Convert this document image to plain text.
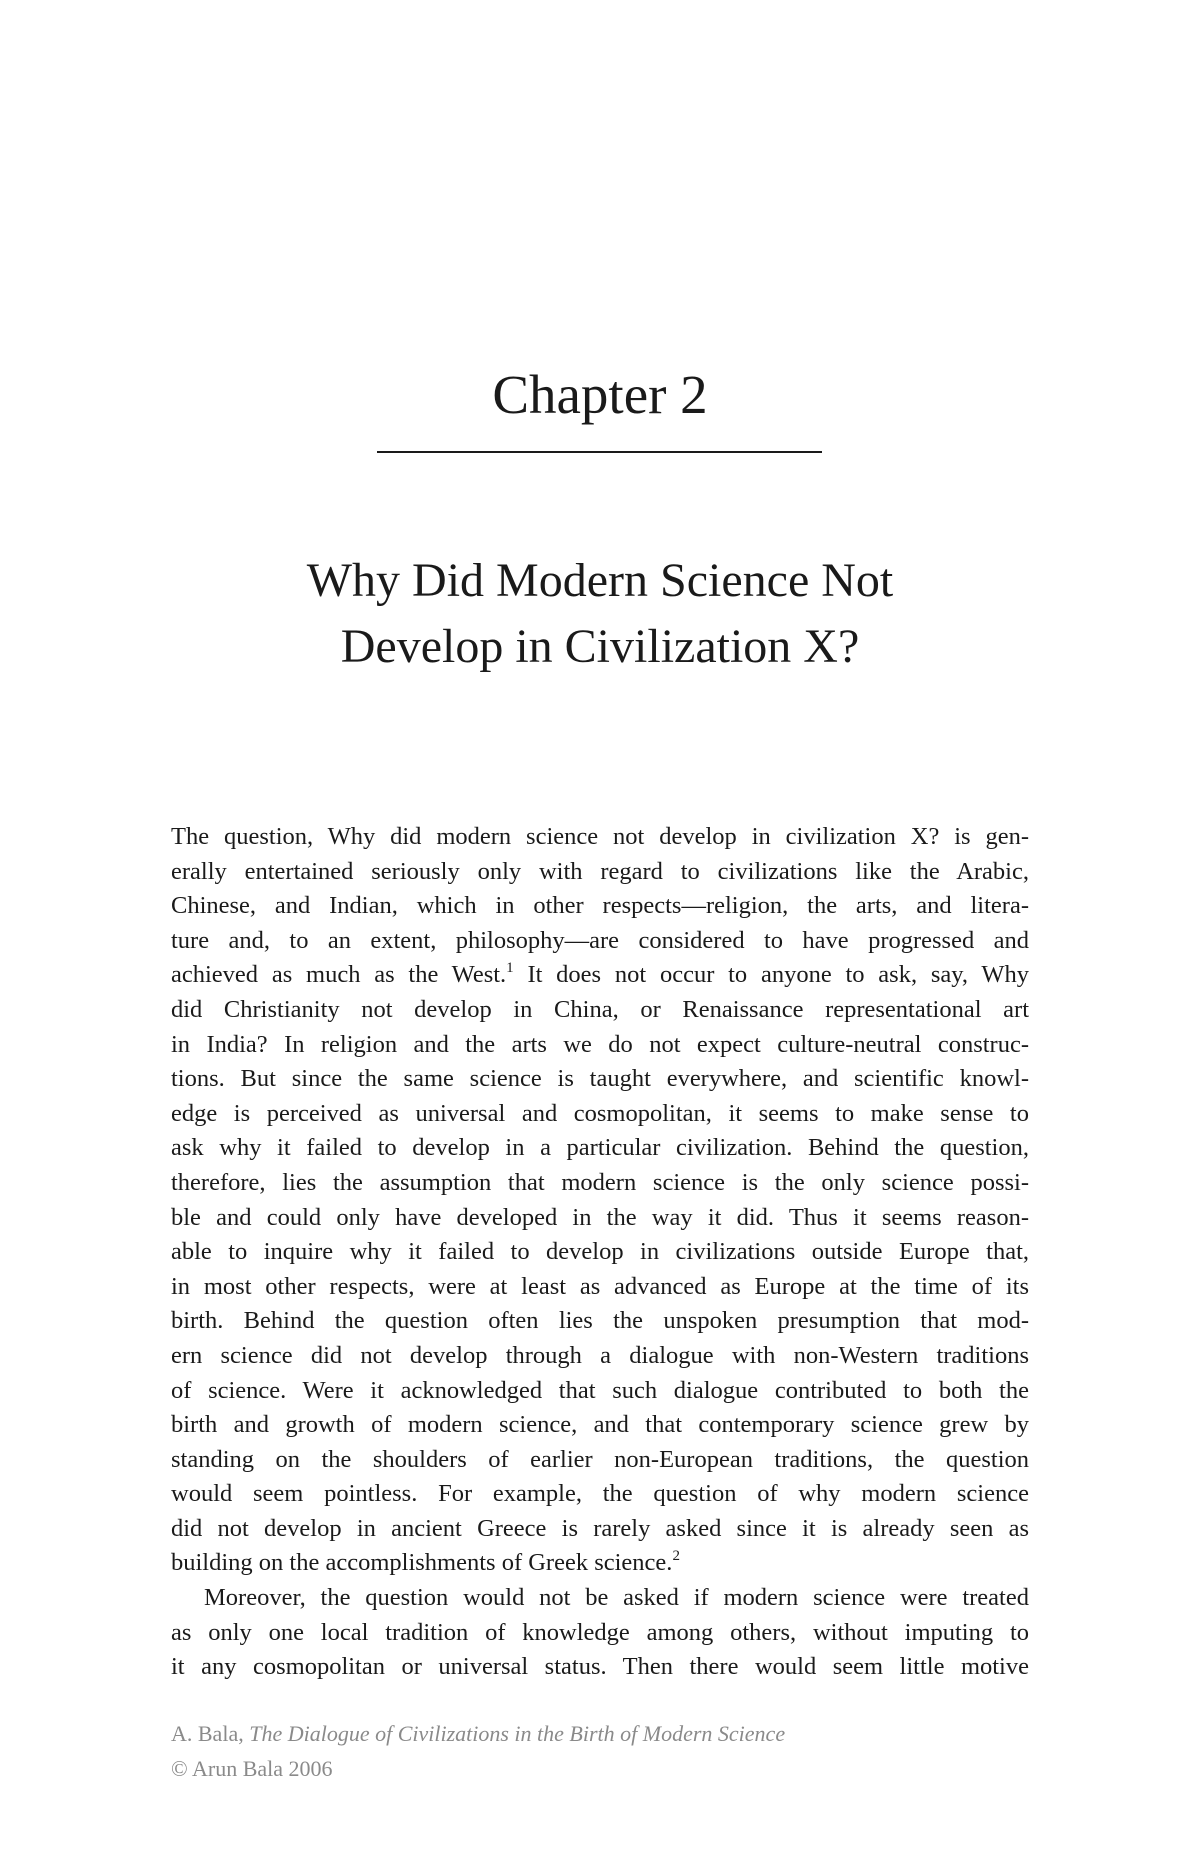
Chapter 2
Why Did Modern Science Not
Develop in Civilization X?
The question, Why did modern science not develop in civilization X? is gen-
erally entertained seriously only with regard to civilizations like the Arabic,
Chinese, and Indian, which in other respects—religion, the arts, and litera-
ture and, to an extent, philosophy—are considered to have progressed and
achieved as much as the West.$^1$ It does not occur to anyone to ask, say, Why
did Christianity not develop in China, or Renaissance representational art
in India? In religion and the arts we do not expect culture-neutral construc-
tions. But since the same science is taught everywhere, and scientific knowl-
edge is perceived as universal and cosmopolitan, it seems to make sense to
ask why it failed to develop in a particular civilization. Behind the question,
therefore, lies the assumption that modern science is the only science possi-
ble and could only have developed in the way it did. Thus it seems reason-
able to inquire why it failed to develop in civilizations outside Europe that,
in most other respects, were at least as advanced as Europe at the time of its
birth. Behind the question often lies the unspoken presumption that mod-
ern science did not develop through a dialogue with non-Western traditions
of science. Were it acknowledged that such dialogue contributed to both the
birth and growth of modern science, and that contemporary science grew by
standing on the shoulders of earlier non-European traditions, the question
would seem pointless. For example, the question of why modern science
did not develop in ancient Greece is rarely asked since it is already seen as
building on the accomplishments of Greek science.$^2$
Moreover, the question would not be asked if modern science were treated
as only one local tradition of knowledge among others, without imputing to
it any cosmopolitan or universal status. Then there would seem little motive
A. Bala, The Dialogue of Civilizations in the Birth of Modern Science
© Arun Bala 2006
